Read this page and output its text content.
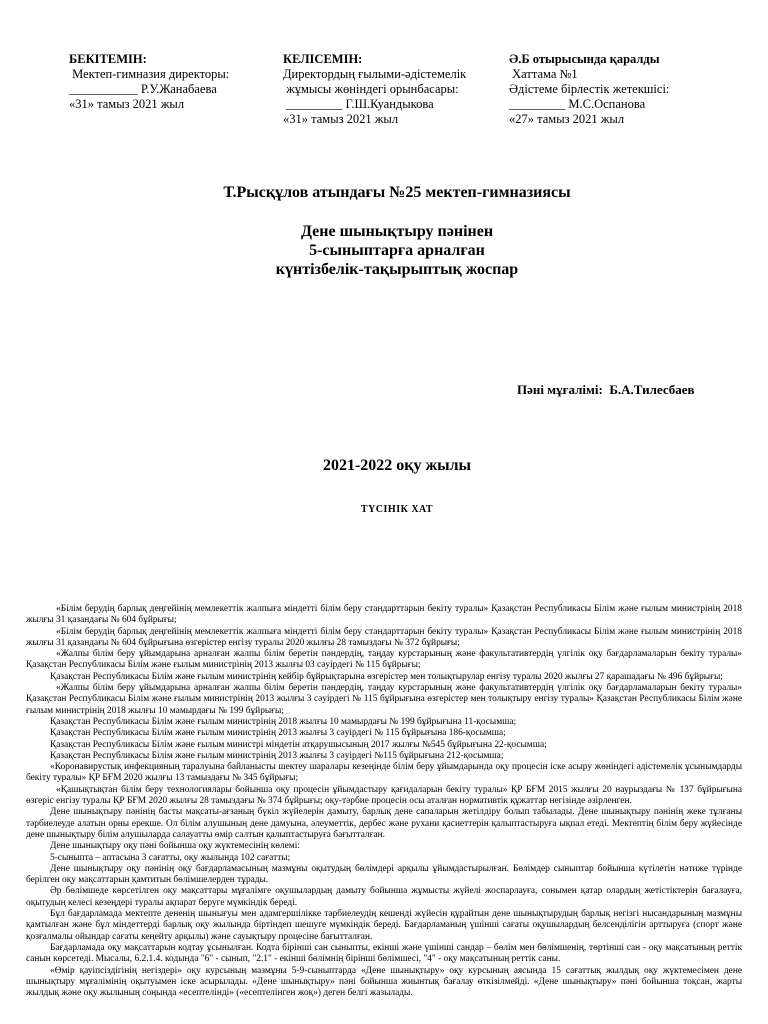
БЕКІТЕМІН:
Мектеп-гимназия директоры:
___________ Р.У.Жанабаева
«31» тамыз 2021 жыл
КЕЛІСЕМІН:
Директордың ғылыми-әдістемелік
жұмысы жөніндегі орынбасары:
_________ Г.Ш.Куандыкова
«31» тамыз 2021 жыл
Ә.Б отырысында қаралды
Хаттама №1
Әдістеме бірлестік жетекшісі:
_________ М.С.Оспанова
«27» тамыз 2021 жыл
Т.Рысқұлов атындағы №25 мектеп-гимназиясы
Дене шынықтыру пәнінен
5-сыныптарға арналған
күнтізбелік-тақырыптық жоспар
Пәні мұғалімі: Б.А.Тилесбаев
2021-2022 оқу жылы
ТҮСІНІК ХАТ

«Білім берудің барлық деңгейінің мемлекеттік жалпыға міндетті білім беру стандарттарын бекіту туралы» Қазақстан Республикасы Білім және ғылым министрінің 2018 жылғы 31 қазандағы № 604 бұйрығы;

«Білім берудің барлық деңгейінің мемлекеттік жалпыға міндетті білім беру стандарттарын бекіту туралы» Қазақстан Республикасы Білім және ғылым министрінің 2018 жылғы 31 қазандағы № 604 бұйрығына өзгерістер енгізу туралы 2020 жылғы 28 тамыздағы № 372 бұйрығы;

«Жалпы білім беру ұйымдарына арналған жалпы білім беретін пәндердің, таңдау курстарының және факультативтердің үлгілік оқу бағдарламаларын бекіту туралы» Қазақстан Республикасы Білім және ғылым министрінің 2013 жылғы 03 сәуірдегі № 115 бұйрығы;

Қазақстан Республикасы Білім және ғылым министрінің кейбір бұйрықтарына өзгерістер мен толықтырулар енгізу туралы 2020 жылғы 27 қарашадағы № 496 бұйрығы;

«Жалпы білім беру ұйымдарына арналған жалпы білім беретін пәндердің, таңдау курстарының және факультативтердің үлгілік оқу бағдарламаларын бекіту туралы» Қазақстан Республикасы Білім және ғылым министрінің 2013 жылғы 3 сәуірдегі № 115 бұйрығына өзгерістер мен толықтыру енгізу туралы» Қазақстан Республикасы Білім және ғылым министрінің 2018 жылғы 10 мамырдағы № 199 бұйрығы;

Қазақстан Республикасы Білім және ғылым министрінің 2018 жылғы 10 мамырдағы № 199 бұйрығына 11-қосымша;

Қазақстан Республикасы Білім және ғылым министрінің 2013 жылғы 3 сәуірдегі № 115 бұйрығына 186-қосымша;

Қазақстан Республикасы Білім және ғылым министрі міндетін атқарушысының 2017 жылғы №545 бұйрығына 22-қосымша;

Қазақстан Республикасы Білім және ғылым министрінің 2013 жылғы 3 сәуірдегі №115 бұйрығына 212-қосымша;

«Коронавирустық инфекцияның таралуына байланысты шектеу шаралары кезеңінде білім беру ұйымдарында оқу процесін іске асыру жөніндегі әдістемелік ұсынымдарды бекіту туралы» ҚР БҒМ 2020 жылғы 13 тамыздағы № 345 бұйрығы;

«Қашықтықтан білім беру технологиялары бойынша оқу процесін ұйымдастыру қағидаларын бекіту туралы» ҚР БҒМ 2015 жылғы 20 наурыздағы № 137 бұйрығына өзгеріс енгізу туралы ҚР БҒМ 2020 жылғы 28 тамыздағы № 374 бұйрығы; оқу-тәрбие процесін осы аталған нормативтік құжаттар негізінде әзірленген.

Дене шынықтыру пәнінің басты мақсаты-ағзаның бүкіл жүйелерін дамыту, барлық дене сапаларын жетілдіру болып табылады. Дене шынықтыру пәнінің жеке тұлғаны тәрбиелеуде алатын орны ерекше. Ол білім алушының дене дамуына, әлеуметтік, дербес және рухани қасиеттерін қалыптастыруға ықпал етеді. Мектептің білім беру жүйесінде дене шынықтыру білім алушыларда салауатты өмір салтын қалыптастыруға бағытталған.

Дене шынықтыру оқу пәні бойынша оқу жүктемесінің көлемі:

5-сыныпта – аптасына 3 сағатты, оқу жылында 102 сағатты;

Дене шынықтыру оқу пәнінің оқу бағдарламасының мазмұны оқытудың бөлімдері арқылы ұйымдастырылған. Бөлімдер сыныптар бойынша күтілетін нәтиже түрінде берілген оқу мақсаттарын қамтитын бөлімшелерден тұрады.

Әр бөлімшеде көрсетілген оқу мақсаттары мұғалімге оқушылардың дамыту бойынша жұмысты жүйелі жоспарлауға, сонымен қатар олардың жетістіктерін бағалауға, оқытудың келесі кезеңдері туралы ақпарат беруге мүмкіндік береді.

Бұл бағдарламада мектепте дененің шынығуы мен адамгершілікке тәрбиелеудің кешенді жүйесін құрайтын дене шынықтырудың барлық негізгі нысандарының мазмұны қамтылған және бұл міндеттерді барлық оқу жылында біртіндеп шешуге мүмкіндік береді. Бағдарламаның үшінші сағаты оқушылардың белсенділігін арттыруға (спорт және қозғалмалы ойындар сағаты кеңейту арқылы) және сауықтыру процесіне бағытталған.

Бағдарламада оқу мақсаттарын кодтау ұсынылған. Кодта бірінші сан сыныпты, екінші және үшінші сандар – бөлім мен бөлімшенің, төртінші сан - оқу мақсатының реттік санын көрсетеді. Мысалы, 6.2.1.4. кодында "6" - сынып, "2.1" - екінші бөлімнің бірінші бөлімшесі, "4" - оқу мақсатының реттік саны.

«Өмір қауіпсіздігінің негіздері» оқу курсының мазмұны 5-9-сыныптарда «Дене шынықтыру» оқу курсының аясында 15 сағаттық жылдық оқу жүктемесімен дене шынықтыру мұғалімінің оқытуымен іске асырылады. «Дене шынықтыру» пәні бойынша жиынтық бағалау өткізілмейді. «Дене шынықтыру» пәні бойынша тоқсан, жарты жылдық және оқу жылының соңында «есептелінді» («есептелінген жоқ») деген белгі жазылады.
